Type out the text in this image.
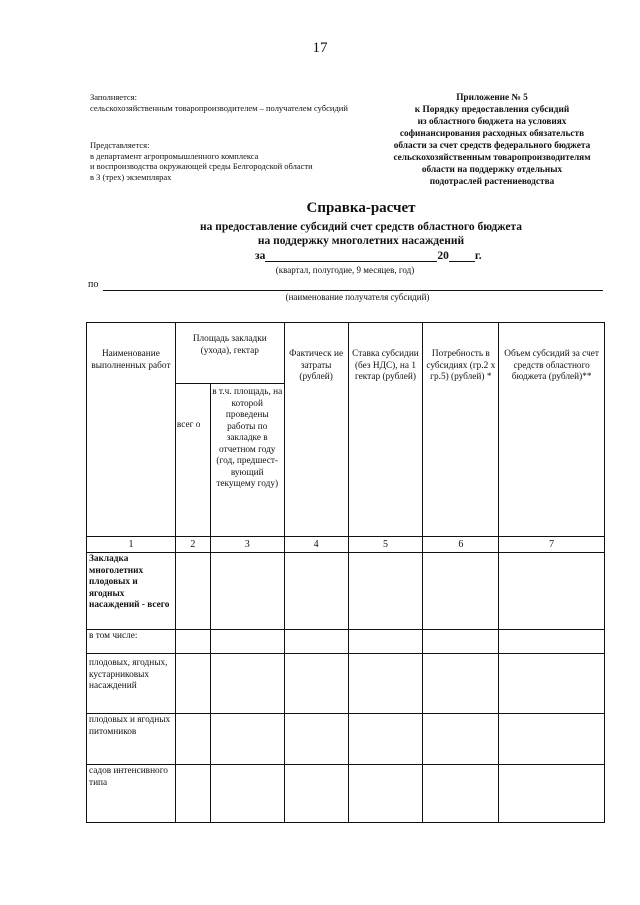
17
Заполняется:
сельскохозяйственным товаропроизводителем – получателем субсидий
Представляется:
в департамент агропромышленного комплекса
и воспроизводства окружающей среды Белгородской области
в 3 (трех) экземплярах
Приложение № 5
к Порядку предоставления субсидий
из областного бюджета на условиях
софинансирования расходных обязательств
области за счет средств федерального бюджета
сельскохозяйственным товаропроизводителям
области на поддержку отдельных
подотраслей растениеводства
Справка-расчет
на предоставление субсидий счет средств областного бюджета
на поддержку многолетних насаждений
за	20 г.
(квартал, полугодие, 9 месяцев, год)
по
(наименование получателя субсидий)
Наименование выполненных работ	Площадь закладки (ухода), гектар		Фактическ ие затраты (рублей)	Ставка субсидии (без НДС), на 1 гектар (рублей)	Потребность в субсидиях (гр.2 х гр.5) (рублей) *	Объем субсидий за счет средств областного бюджета (рублей)**
	всег о	в т.ч. площадь, на которой проведены работы по закладке в отчетном году (год, предшест- вующий текущему году)				
1	2	3	4	5	6	7
Закладка многолетних плодовых и ягодных насаждений - всего						
в том числе:						
плодовых, ягодных, кустарниковых насаждений						
плодовых и ягодных питомников						
садов интенсивного типа						
